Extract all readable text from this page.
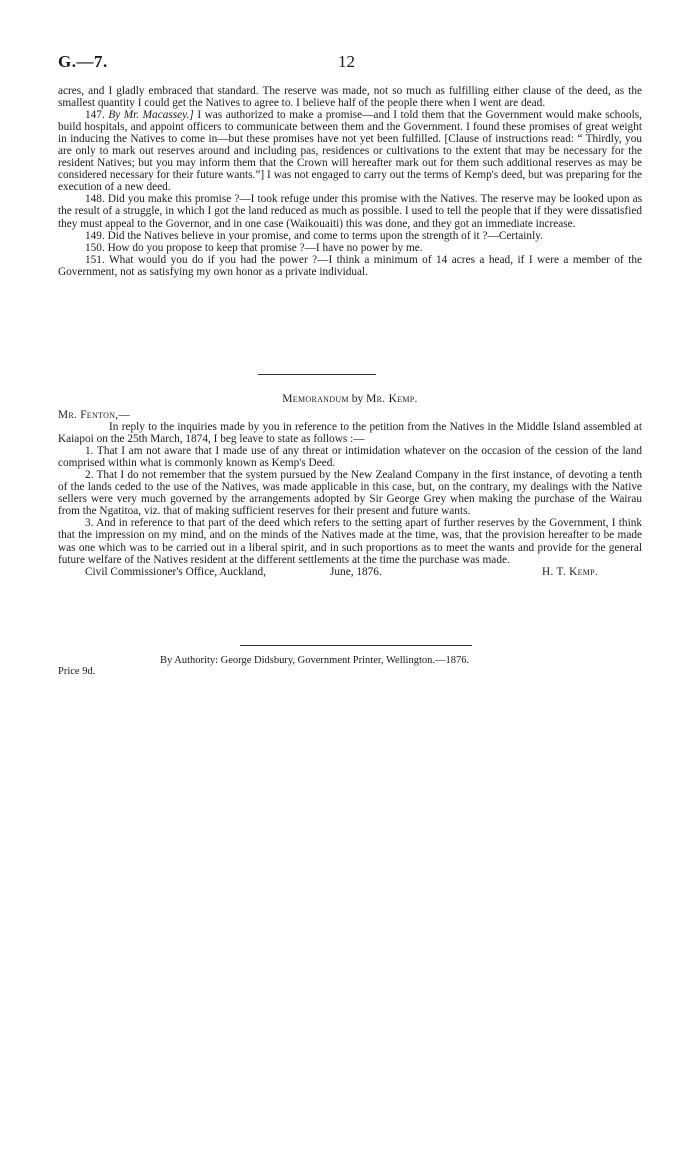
G.—7.	12

acres, and I gladly embraced that standard. The reserve was made, not so much as fulfilling either clause of the deed, as the smallest quantity I could get the Natives to agree to. I believe half of the people there when I went are dead.

147. By Mr. Macassey.] I was authorized to make a promise—and I told them that the Government would make schools, build hospitals, and appoint officers to communicate between them and the Government. I found these promises of great weight in inducing the Natives to come in—but these promises have not yet been fulfilled. [Clause of instructions read: “ Thirdly, you are only to mark out reserves around and including pas, residences or cultivations to the extent that may be necessary for the resident Natives; but you may inform them that the Crown will hereafter mark out for them such additional reserves as may be considered necessary for their future wants.”] I was not engaged to carry out the terms of Kemp's deed, but was preparing for the execution of a new deed.

148. Did you make this promise ?—I took refuge under this promise with the Natives. The reserve may be looked upon as the result of a struggle, in which I got the land reduced as much as possible. I used to tell the people that if they were dissatisfied they must appeal to the Governor, and in one case (Waikouaiti) this was done, and they got an immediate increase.

149. Did the Natives believe in your promise, and come to terms upon the strength of it ?—Certainly.

150. How do you propose to keep that promise ?—I have no power by me.

151. What would you do if you had the power ?—I think a minimum of 14 acres a head, if I were a member of the Government, not as satisfying my own honor as a private individual.

Memorandum by Mr. Kemp.

Mr. Fenton,—

In reply to the inquiries made by you in reference to the petition from the Natives in the Middle Island assembled at Kaiapoi on the 25th March, 1874, I beg leave to state as follows :—

1. That I am not aware that I made use of any threat or intimidation whatever on the occasion of the cession of the land comprised within what is commonly known as Kemp's Deed.

2. That I do not remember that the system pursued by the New Zealand Company in the first instance, of devoting a tenth of the lands ceded to the use of the Natives, was made applicable in this case, but, on the contrary, my dealings with the Native sellers were very much governed by the arrangements adopted by Sir George Grey when making the purchase of the Wairau from the Ngatitoa, viz. that of making sufficient reserves for their present and future wants.

3. And in reference to that part of the deed which refers to the setting apart of further reserves by the Government, I think that the impression on my mind, and on the minds of the Natives made at the time, was, that the provision hereafter to be made was one which was to be carried out in a liberal spirit, and in such proportions as to meet the wants and provide for the general future welfare of the Natives resident at the different settlements at the time the purchase was made.

Civil Commissioner's Office, Auckland,	June, 1876.	H. T. Kemp.
By Authority: George Didsbury, Government Printer, Wellington.—1876.
Price 9d.
